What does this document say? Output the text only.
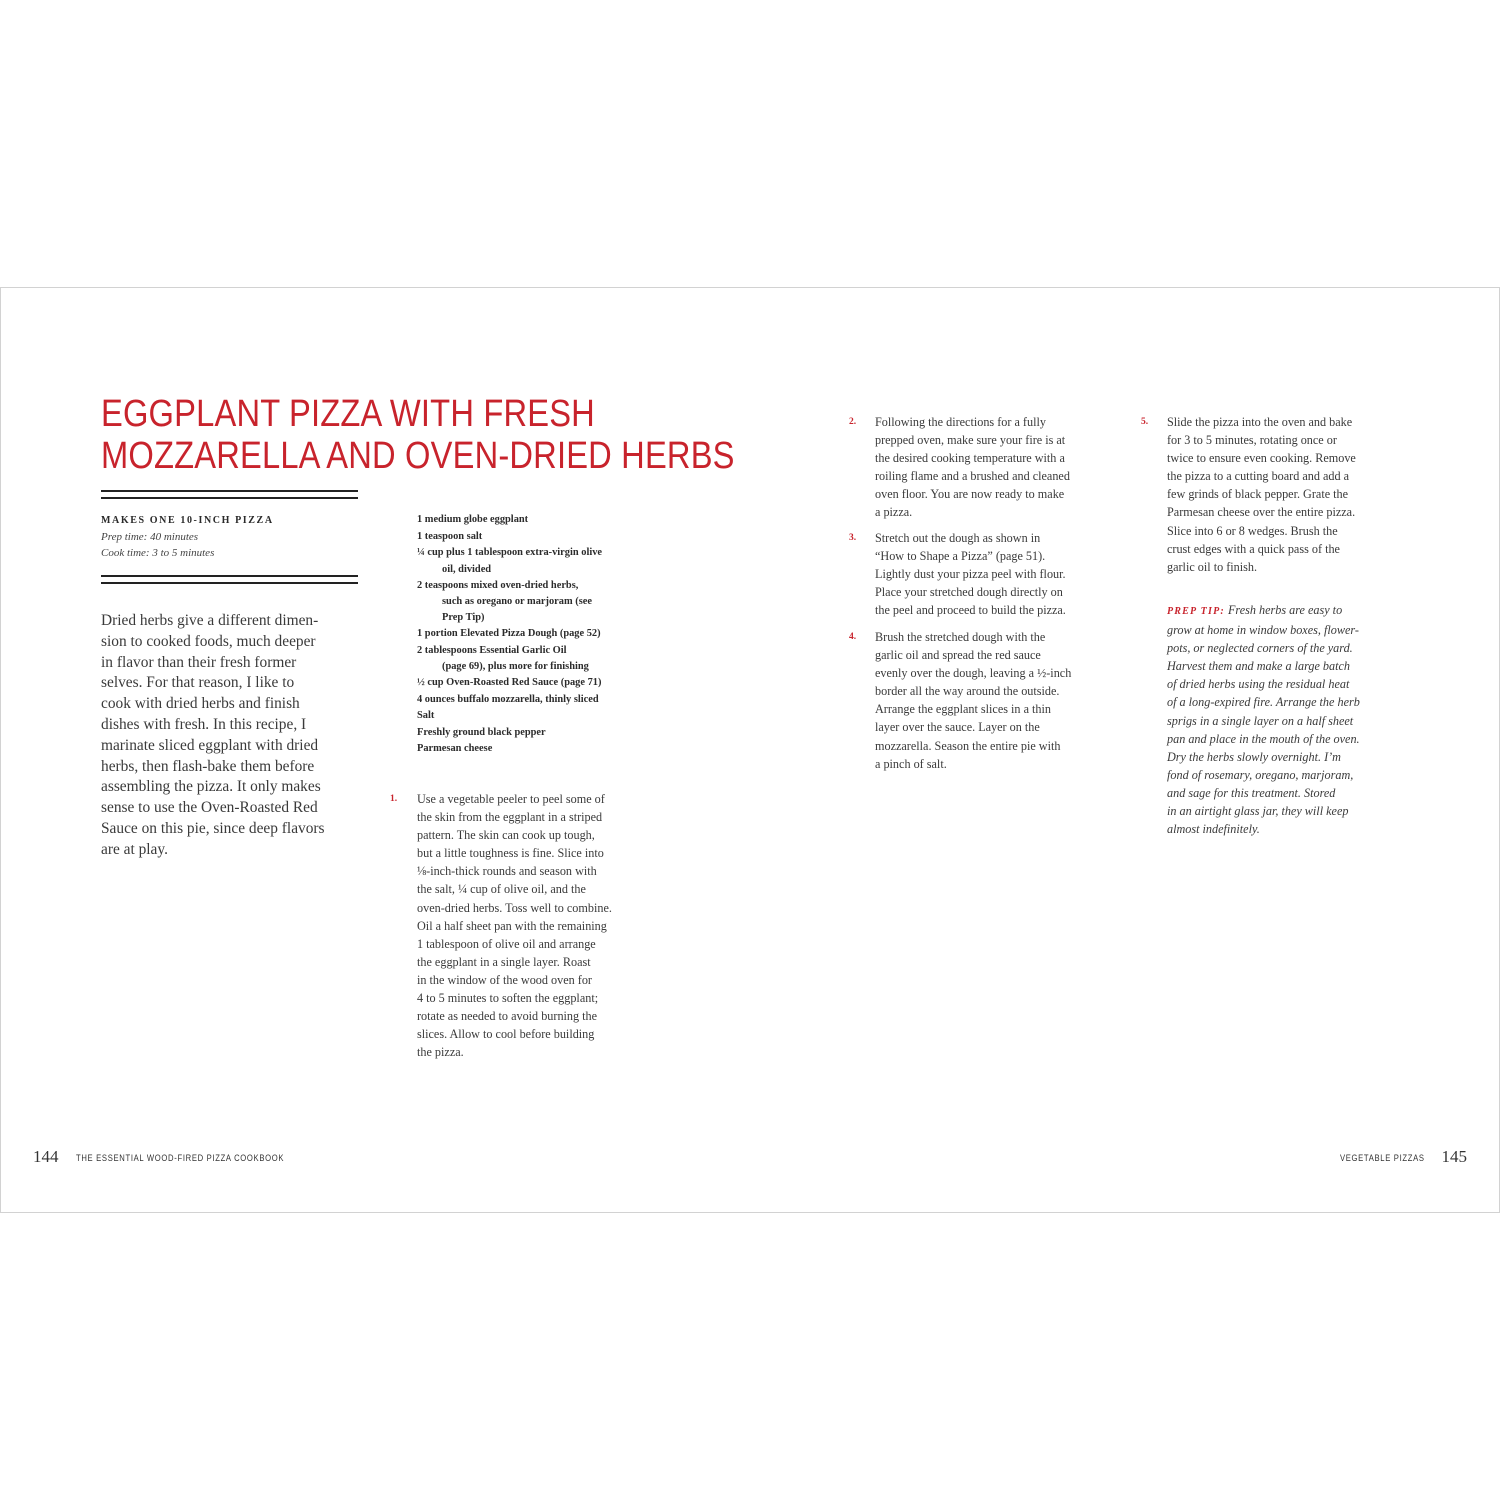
EGGPLANT PIZZA WITH FRESH
MOZZARELLA AND OVEN-DRIED HERBS
MAKES ONE 10-INCH PIZZA
Prep time: 40 minutes
Cook time: 3 to 5 minutes

Dried herbs give a different dimen-
sion to cooked foods, much deeper
in flavor than their fresh former
selves. For that reason, I like to
cook with dried herbs and finish
dishes with fresh. In this recipe, I
marinate sliced eggplant with dried
herbs, then flash-bake them before
assembling the pizza. It only makes
sense to use the Oven-Roasted Red
Sauce on this pie, since deep flavors
are at play.

1 medium globe eggplant
1 teaspoon salt
¼ cup plus 1 tablespoon extra-virgin olive
oil, divided
2 teaspoons mixed oven-dried herbs,
such as oregano or marjoram (see
Prep Tip)
1 portion Elevated Pizza Dough (page 52)
2 tablespoons Essential Garlic Oil
(page 69), plus more for finishing
½ cup Oven-Roasted Red Sauce (page 71)
4 ounces buffalo mozzarella, thinly sliced
Salt
Freshly ground black pepper
Parmesan cheese
1. Use a vegetable peeler to peel some of
the skin from the eggplant in a striped
pattern. The skin can cook up tough,
but a little toughness is fine. Slice into
⅛-inch-thick rounds and season with
the salt, ¼ cup of olive oil, and the
oven-dried herbs. Toss well to combine.
Oil a half sheet pan with the remaining
1 tablespoon of olive oil and arrange
the eggplant in a single layer. Roast
in the window of the wood oven for
4 to 5 minutes to soften the eggplant;
rotate as needed to avoid burning the
slices. Allow to cool before building
the pizza.
2. Following the directions for a fully
prepped oven, make sure your fire is at
the desired cooking temperature with a
roiling flame and a brushed and cleaned
oven floor. You are now ready to make
a pizza.
3. Stretch out the dough as shown in
“How to Shape a Pizza” (page 51).
Lightly dust your pizza peel with flour.
Place your stretched dough directly on
the peel and proceed to build the pizza.
4. Brush the stretched dough with the
garlic oil and spread the red sauce
evenly over the dough, leaving a ½-inch
border all the way around the outside.
Arrange the eggplant slices in a thin
layer over the sauce. Layer on the
mozzarella. Season the entire pie with
a pinch of salt.
5. Slide the pizza into the oven and bake
for 3 to 5 minutes, rotating once or
twice to ensure even cooking. Remove
the pizza to a cutting board and add a
few grinds of black pepper. Grate the
Parmesan cheese over the entire pizza.
Slice into 6 or 8 wedges. Brush the
crust edges with a quick pass of the
garlic oil to finish.
PREP TIP: Fresh herbs are easy to
grow at home in window boxes, flower-
pots, or neglected corners of the yard.
Harvest them and make a large batch
of dried herbs using the residual heat
of a long-expired fire. Arrange the herb
sprigs in a single layer on a half sheet
pan and place in the mouth of the oven.
Dry the herbs slowly overnight. I’m
fond of rosemary, oregano, marjoram,
and sage for this treatment. Stored
in an airtight glass jar, they will keep
almost indefinitely.
144 THE ESSENTIAL WOOD-FIRED PIZZA COOKBOOK	VEGETABLE PIZZAS 145
